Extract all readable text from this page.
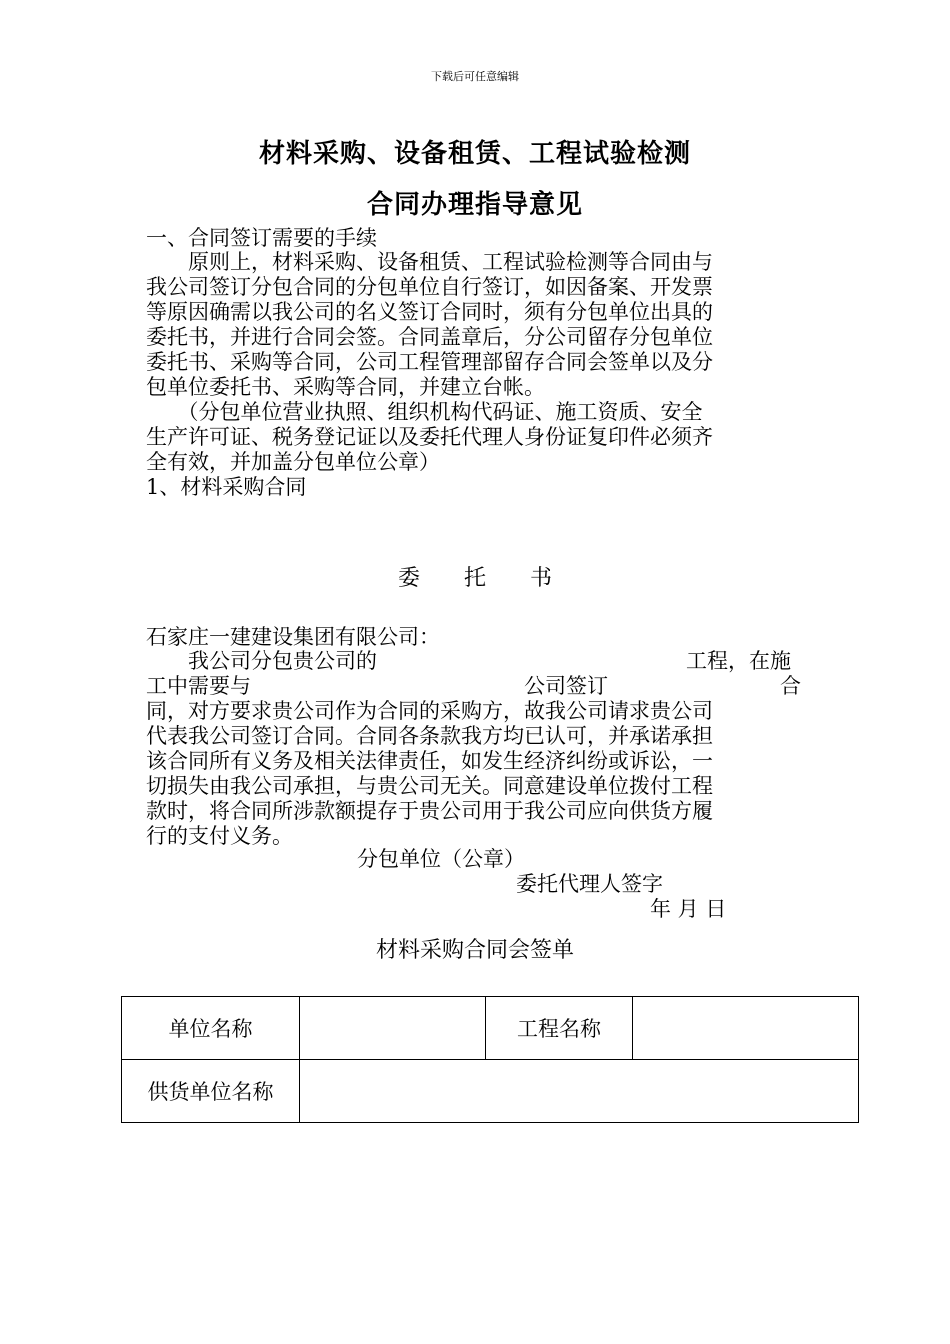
下载后可任意编辑
材料采购、设备租赁、工程试验检测
合同办理指导意见
一、合同签订需要的手续
　　原则上，材料采购、设备租赁、工程试验检测等合同由与
我公司签订分包合同的分包单位自行签订，如因备案、开发票
等原因确需以我公司的名义签订合同时，须有分包单位出具的
委托书，并进行合同会签。合同盖章后，分公司留存分包单位
委托书、采购等合同，公司工程管理部留存合同会签单以及分
包单位委托书、采购等合同，并建立台帐。
　　（分包单位营业执照、组织机构代码证、施工资质、安全
生产许可证、税务登记证以及委托代理人身份证复印件必须齐
全有效，并加盖分包单位公章）
1、材料采购合同
委　　托　　书
石家庄一建建设集团有限公司：
　　我公司分包贵公司的	工程，在施
工中需要与	公司签订	合
同，对方要求贵公司作为合同的采购方，故我公司请求贵公司
代表我公司签订合同。合同各条款我方均已认可，并承诺承担
该合同所有义务及相关法律责任，如发生经济纠纷或诉讼，一
切损失由我公司承担，与贵公司无关。同意建设单位拨付工程
款时，将合同所涉款额提存于贵公司用于我公司应向供货方履
行的支付义务。
分包单位（公章）
委托代理人签字
年 月 日
材料采购合同会签单
单位名称		工程名称	
供货单位名称			
